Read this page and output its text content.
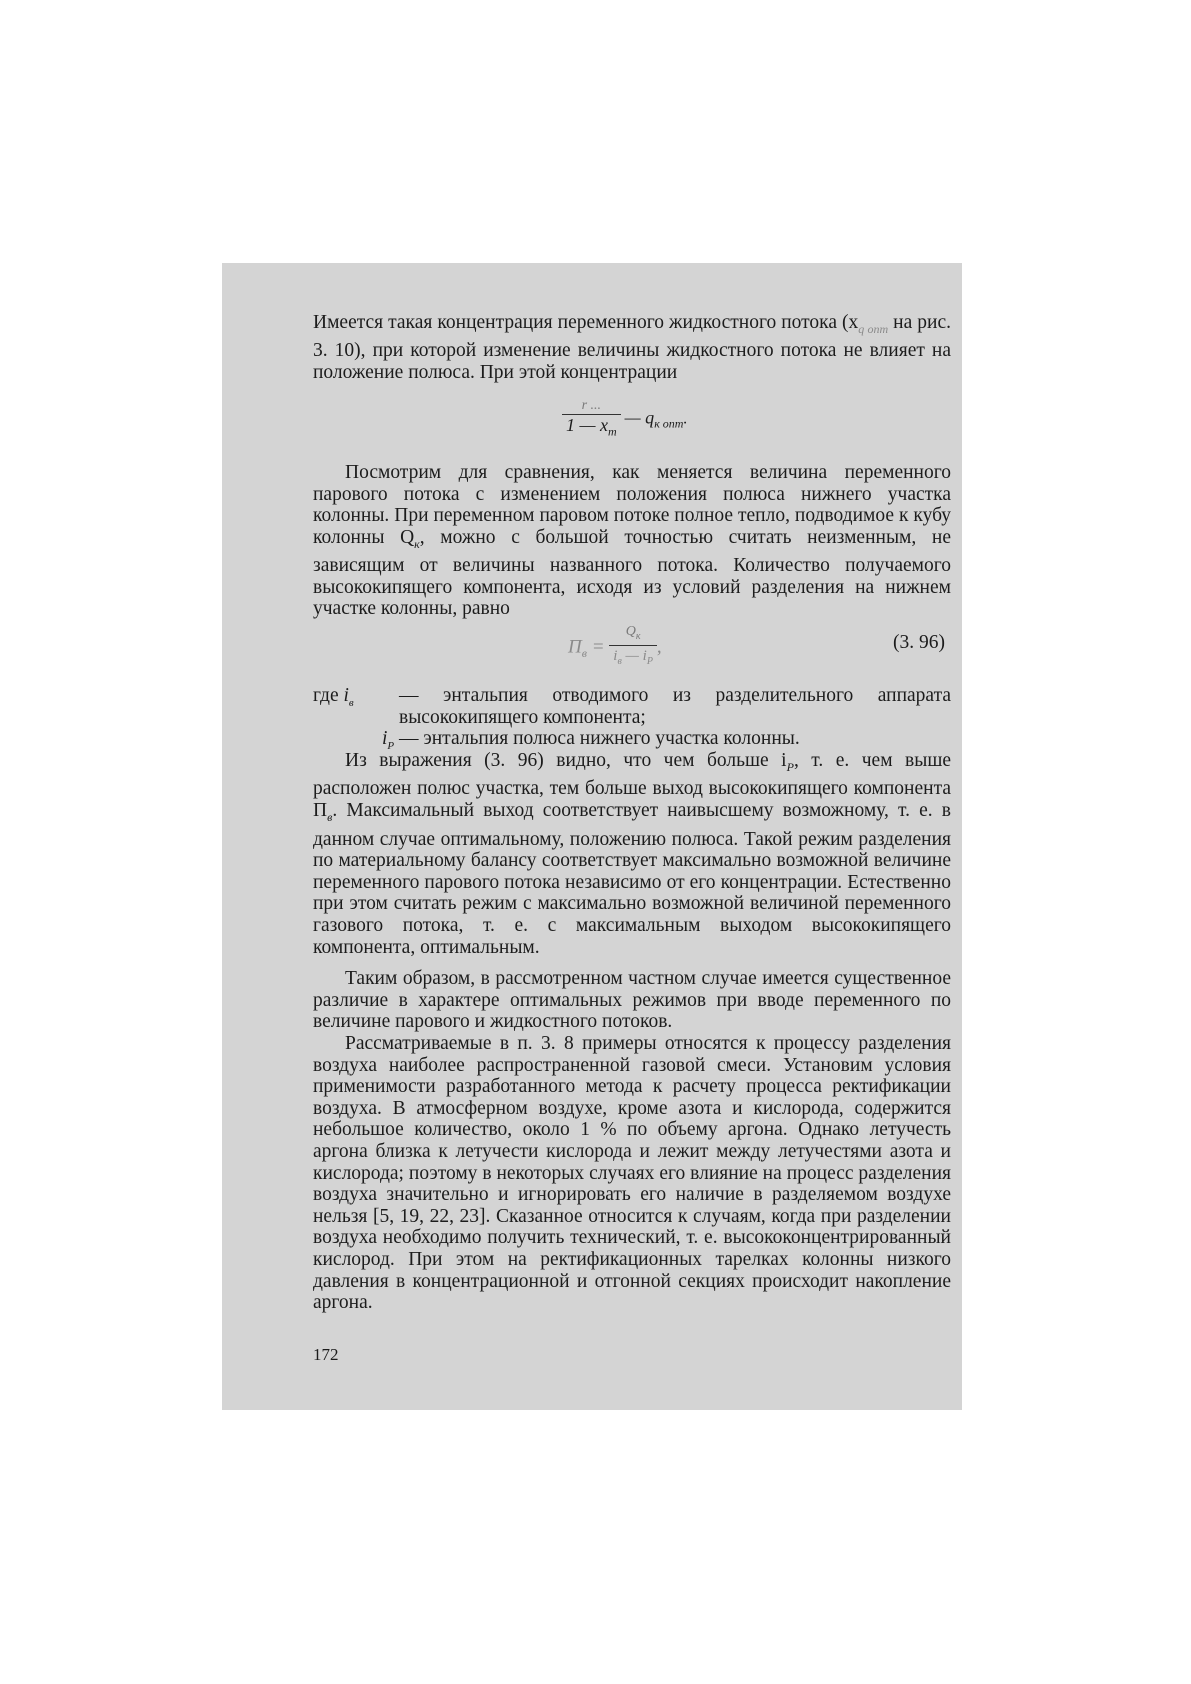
Имеется такая концентрация переменного жидкостного потока ($x_{q опт}$ на рис. 3. 10), при которой изменение величины жидкостного потока не влияет на положение полюса. При этой концентрации

$\frac{r ...}{1 — x_m}$ — $q_{к опт}$.

Посмотрим для сравнения, как меняется величина переменного парового потока с изменением положения полюса нижнего участка колонны. При переменном паровом потоке полное тепло, подводимое к кубу колонны $Q_к$, можно с большой точностью считать неизменным, не зависящим от величины названного потока. Количество получаемого высококипящего компонента, исходя из условий разделения на нижнем участке колонны, равно

$П_в = \frac{Q_к}{i_в — i_P}$ ,	(3. 96)
где $i_в$	— энтальпия отводимого из разделительного аппарата высококипящего компонента;
$i_P$ — энтальпия полюса нижнего участка колонны.

Из выражения (3. 96) видно, что чем больше $i_P$, т. е. чем выше расположен полюс участка, тем больше выход высококипящего компонента $П_в$. Максимальный выход соответствует наивысшему возможному, т. е. в данном случае оптимальному, положению полюса. Такой режим разделения по материальному балансу соответствует максимально возможной величине переменного парового потока независимо от его концентрации. Естественно при этом считать режим с максимально возможной величиной переменного газового потока, т. е. с максимальным выходом высококипящего компонента, оптимальным.

Таким образом, в рассмотренном частном случае имеется существенное различие в характере оптимальных режимов при вводе переменного по величине парового и жидкостного потоков.

Рассматриваемые в п. 3. 8 примеры относятся к процессу разделения воздуха наиболее распространенной газовой смеси. Установим условия применимости разработанного метода к расчету процесса ректификации воздуха. В атмосферном воздухе, кроме азота и кислорода, содержится небольшое количество, около 1 % по объему аргона. Однако летучесть аргона близка к летучести кислорода и лежит между летучестями азота и кислорода; поэтому в некоторых случаях его влияние на процесс разделения воздуха значительно и игнорировать его наличие в разделяемом воздухе нельзя [5, 19, 22, 23]. Сказанное относится к случаям, когда при разделении воздуха необходимо получить технический, т. е. высококонцентрированный кислород. При этом на ректификационных тарелках колонны низкого давления в концентрационной и отгонной секциях происходит накопление аргона.

172
